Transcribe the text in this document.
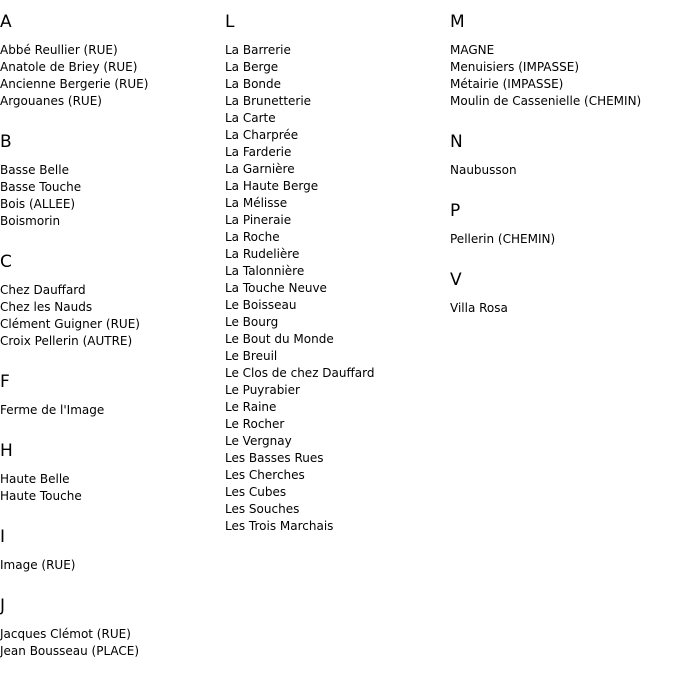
A
Abbé Reullier (RUE)
Anatole de Briey (RUE)
Ancienne Bergerie (RUE)
Argouanes (RUE)
B
Basse Belle
Basse Touche
Bois (ALLEE)
Boismorin
C
Chez Dauffard
Chez les Nauds
Clément Guigner (RUE)
Croix Pellerin (AUTRE)
F
Ferme de l'Image
H
Haute Belle
Haute Touche
I
Image (RUE)
J
Jacques Clémot (RUE)
Jean Bousseau (PLACE)
L
La Barrerie
La Berge
La Bonde
La Brunetterie
La Carte
La Charprée
La Farderie
La Garnière
La Haute Berge
La Mélisse
La Pineraie
La Roche
La Rudelière
La Talonnière
La Touche Neuve
Le Boisseau
Le Bourg
Le Bout du Monde
Le Breuil
Le Clos de chez Dauffard
Le Puyrabier
Le Raine
Le Rocher
Le Vergnay
Les Basses Rues
Les Cherches
Les Cubes
Les Souches
Les Trois Marchais
M
MAGNE
Menuisiers (IMPASSE)
Métairie (IMPASSE)
Moulin de Cassenielle (CHEMIN)
N
Naubusson
P
Pellerin (CHEMIN)
V
Villa Rosa
